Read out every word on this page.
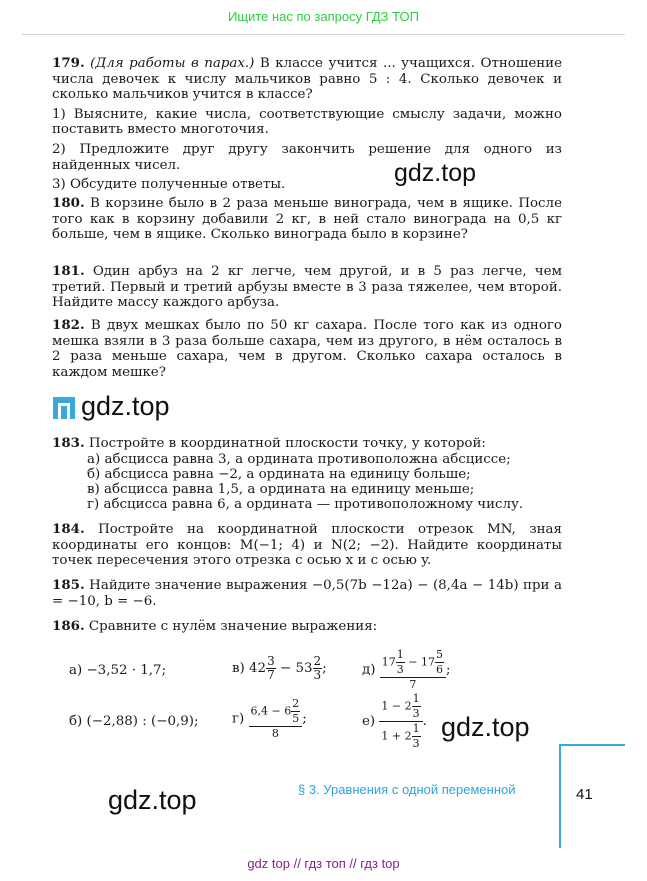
Ищите нас по запросу ГДЗ ТОП
179. (Для работы в парах.) В классе учится ... учащихся. Отношение числа девочек к числу мальчиков равно 5 : 4. Сколько девочек и сколько мальчиков учится в классе?
1) Выясните, какие числа, соответствующие смыслу задачи, можно поставить вместо многоточия.
2) Предложите друг другу закончить решение для одного из найденных чисел.
3) Обсудите полученные ответы.	gdz.top
180. В корзине было в 2 раза меньше винограда, чем в ящике. После того как в корзину добавили 2 кг, в ней стало винограда на 0,5 кг больше, чем в ящике. Сколько винограда было в корзине?
181. Один арбуз на 2 кг легче, чем другой, и в 5 раз легче, чем третий. Первый и третий арбузы вместе в 3 раза тяжелее, чем второй. Найдите массу каждого арбуза.
182. В двух мешках было по 50 кг сахара. После того как из одного мешка взяли в 3 раза больше сахара, чем из другого, в нём осталось в 2 раза меньше сахара, чем в другом. Сколько сахара осталось в каждом мешке?
gdz.top
183. Постройте в координатной плоскости точку, у которой:
а) абсцисса равна 3, а ордината противоположна абсциссе;
б) абсцисса равна −2, а ордината на единицу больше;
в) абсцисса равна 1,5, а ордината на единицу меньше;
г) абсцисса равна 6, а ордината — противоположному числу.
184. Постройте на координатной плоскости отрезок MN, зная координаты его концов: M(−1; 4) и N(2; −2). Найдите координаты точек пересечения этого отрезка с осью x и с осью y.
185. Найдите значение выражения −0,5(7b −12a) − (8,4a − 14b) при a = −10, b = −6.
186. Сравните с нулём значение выражения:
а) −3,52 · 1,7;
б) (−2,88) : (−0,9);
в) $42 \frac{3}{7} - 53 \frac{2}{3}$ ;
$г) \frac{6,4 - 6 \frac{2}{5}}{8}$ ;
$д) \frac{17 \frac{1}{3} - 17 \frac{5}{6}}{7}$ ;
$е) \frac{1 - 2 \frac{1}{3}}{1 + 2 \frac{1}{3}}$ . gdz.top
gdz.top	§ 3. Уравнения с одной переменной	41
gdz top // гдз топ // гдз top
